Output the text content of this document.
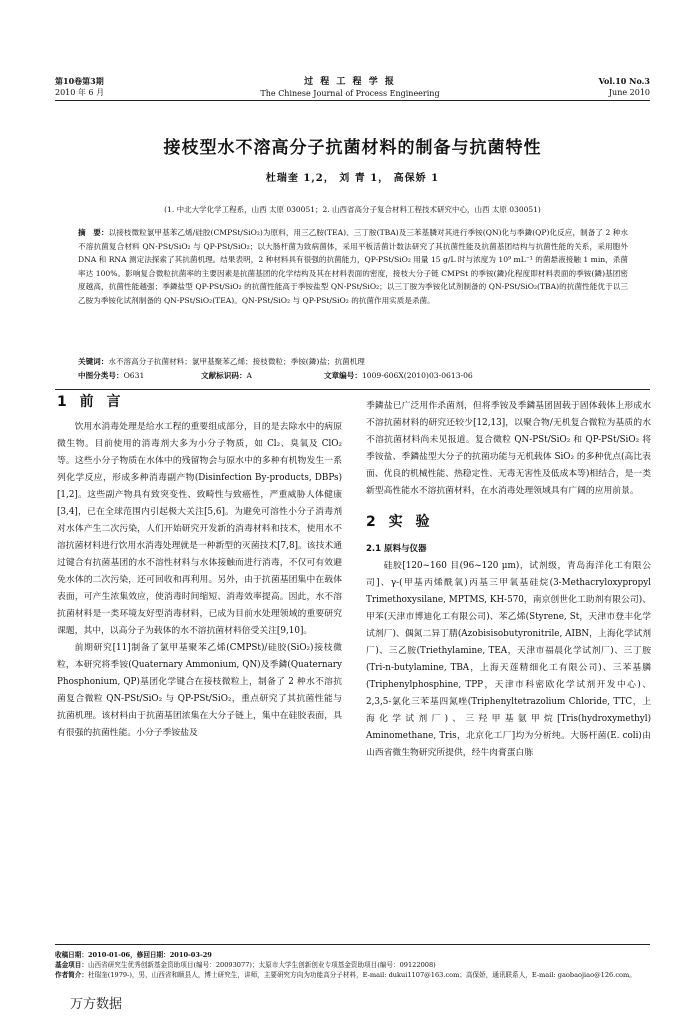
第10卷第3期
2010 年 6 月
过 程 工 程 学 报
The Chinese Journal of Process Engineering
Vol.10 No.3
June 2010
接枝型水不溶高分子抗菌材料的制备与抗菌特性
杜瑞奎 1,2， 刘 青 1， 高保娇 1
(1. 中北大学化学工程系，山西 太原 030051；2. 山西省高分子复合材料工程技术研究中心，山西 太原 030051)
摘　要：以接枝微粒氯甲基苯乙烯/硅胶(CMPSt/SiO₂)为原料，用三乙胺(TEA)、三丁胺(TBA)及三苯基膦对其进行季铵(QN)化与季鏻(QP)化反应，制备了 2 种水不溶抗菌复合材料 QN-PSt/SiO₂ 与 QP-PSt/SiO₂；以大肠杆菌为致病菌体，采用平板活菌计数法研究了其抗菌性能及抗菌基团结构与抗菌性能的关系，采用胞外 DNA 和 RNA 测定法探索了其抗菌机理。结果表明，2 种材料具有很强的抗菌能力，QP-PSt/SiO₂ 用量 15 g/L 时与浓度为 10⁹ mL⁻¹ 的菌悬液接触 1 min，杀菌率达 100%。影响复合微粒抗菌率的主要因素是抗菌基团的化学结构及其在材料表面的密度，接枝大分子链 CMPSt 的季铵(鏻)化程度即材料表面的季铵(鏻)基团密度越高，抗菌性能越强；季鏻盐型 QP-PSt/SiO₂ 的抗菌性能高于季铵盐型 QN-PSt/SiO₂；以三丁胺为季铵化试剂制备的 QN-PSt/SiO₂(TBA)的抗菌性能优于以三乙胺为季铵化试剂制备的 QN-PSt/SiO₂(TEA)。QN-PSt/SiO₂ 与 QP-PSt/SiO₂ 的抗菌作用实质是杀菌。
关键词：水不溶高分子抗菌材料；氯甲基聚苯乙烯；接枝微粒；季铵(鏻)盐；抗菌机理
中图分类号：O631	文献标识码：A	文章编号：1009-606X(2010)03-0613-06
1 前 言

饮用水消毒处理是给水工程的重要组成部分，目的是去除水中的病原微生物。目前使用的消毒剂大多为小分子物质，如 Cl₂、臭氧及 ClO₂ 等。这些小分子物质在水体中的残留物会与原水中的多种有机物发生一系列化学反应，形成多种消毒副产物(Disinfection By-products, DBPs)[1,2]。这些副产物具有致突变性、致畸性与致癌性，严重威胁人体健康[3,4]，已在全球范围内引起极大关注[5,6]。为避免可溶性小分子消毒剂对水体产生二次污染，人们开始研究开发新的消毒材料和技术，使用水不溶抗菌材料进行饮用水消毒处理就是一种新型的灭菌技术[7,8]。该技术通过键合有抗菌基团的水不溶性材料与水体接触而进行消毒，不仅可有效避免水体的二次污染，还可回收和再利用。另外，由于抗菌基团集中在载体表面，可产生浓集效应，使消毒时间缩短、消毒效率提高。因此，水不溶抗菌材料是一类环境友好型消毒材料，已成为目前水处理领域的重要研究课题，其中，以高分子为载体的水不溶抗菌材料倍受关注[9,10]。

前期研究[11]制备了氯甲基聚苯乙烯(CMPSt)/硅胶(SiO₂)接枝微粒，本研究将季铵(Quaternary Ammonium, QN)及季鏻(Quaternary Phosphonium, QP)基团化学键合在接枝微粒上，制备了 2 种水不溶抗菌复合微粒 QN-PSt/SiO₂ 与 QP-PSt/SiO₂，重点研究了其抗菌性能与抗菌机理。该材料由于抗菌基团浓集在大分子链上，集中在硅胶表面，具有很强的抗菌性能。小分子季铵盐及

季鏻盐已广泛用作杀菌剂，但将季铵及季鏻基团固载于固体载体上形成水不溶抗菌材料的研究还较少[12,13]，以聚合物/无机复合微粒为基质的水不溶抗菌材料尚未见报道。复合微粒 QN-PSt/SiO₂ 和 QP-PSt/SiO₂ 将季铵盐、季鏻盐型大分子的抗菌功能与无机载体 SiO₂ 的多种优点(高比表面、优良的机械性能、热稳定性、无毒无害性及低成本等)相结合，是一类新型高性能水不溶抗菌材料，在水消毒处理领域具有广阔的应用前景。

2 实 验
2.1 原料与仪器

硅胶[120~160 目(96~120 μm)，试剂级，青岛海洋化工有限公司]、γ-(甲基丙烯酰氧)丙基三甲氧基硅烷(3-Methacryloxypropyl Trimethoxysilane, MPTMS, KH-570，南京创世化工助剂有限公司)、甲苯(天津市博迪化工有限公司)、苯乙烯(Styrene, St，天津市登丰化学试剂厂)、偶氮二异丁腈(Azobisisobutyronitrile, AIBN，上海化学试剂厂)、三乙胺(Triethylamine, TEA，天津市福晨化学试剂厂)、三丁胺(Tri-n-butylamine, TBA，上海天莲精细化工有限公司)、三苯基膦(Triphenylphosphine, TPP，天津市科密欧化学试剂开发中心)、2,3,5-氯化三苯基四氮唑(Triphenyltetrazolium Chloride, TTC，上海化学试剂厂)、三羟甲基氨甲烷[Tris(hydroxymethyl) Aminomethane, Tris，北京化工厂]均为分析纯。大肠杆菌(E. coli)由山西省微生物研究所提供，经牛肉膏蛋白胨

收稿日期：2010-01-06，修回日期：2010-03-29
基金项目：山西省研究生优秀创新基金资助项目(编号：20093077)；太原市大学生创新创业专项基金资助项目(编号：09122008)
作者简介：杜瑞奎(1979-)，男，山西省和顺县人，博士研究生，讲师，主要研究方向为功能高分子材料，E-mail: dukui1107@163.com；高保娇，通讯联系人，E-mail: gaobaojiao@126.com。
万方数据
